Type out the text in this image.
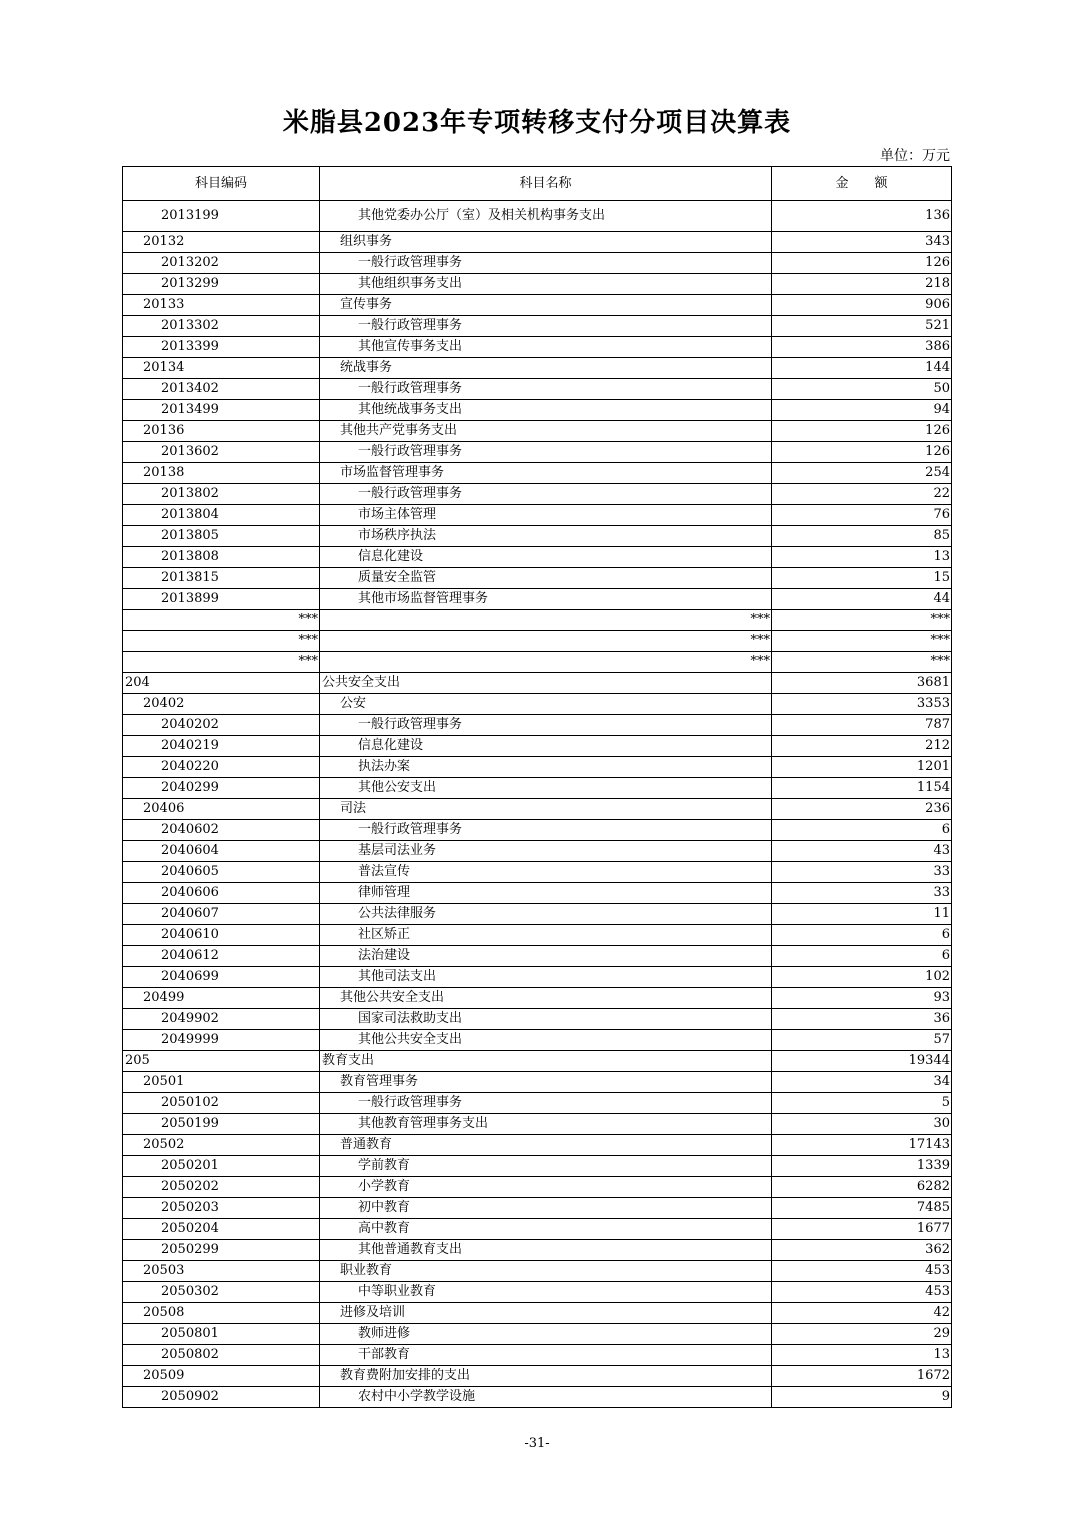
米脂县2023年专项转移支付分项目决算表
单位：万元
科目编码	科目名称	金　　额
2013199	其他党委办公厅（室）及相关机构事务支出	136
20132	组织事务	343
2013202	一般行政管理事务	126
2013299	其他组织事务支出	218
20133	宣传事务	906
2013302	一般行政管理事务	521
2013399	其他宣传事务支出	386
20134	统战事务	144
2013402	一般行政管理事务	50
2013499	其他统战事务支出	94
20136	其他共产党事务支出	126
2013602	一般行政管理事务	126
20138	市场监督管理事务	254
2013802	一般行政管理事务	22
2013804	市场主体管理	76
2013805	市场秩序执法	85
2013808	信息化建设	13
2013815	质量安全监管	15
2013899	其他市场监督管理事务	44
***	***	***
***	***	***
***	***	***
204	公共安全支出	3681
20402	公安	3353
2040202	一般行政管理事务	787
2040219	信息化建设	212
2040220	执法办案	1201
2040299	其他公安支出	1154
20406	司法	236
2040602	一般行政管理事务	6
2040604	基层司法业务	43
2040605	普法宣传	33
2040606	律师管理	33
2040607	公共法律服务	11
2040610	社区矫正	6
2040612	法治建设	6
2040699	其他司法支出	102
20499	其他公共安全支出	93
2049902	国家司法救助支出	36
2049999	其他公共安全支出	57
205	教育支出	19344
20501	教育管理事务	34
2050102	一般行政管理事务	5
2050199	其他教育管理事务支出	30
20502	普通教育	17143
2050201	学前教育	1339
2050202	小学教育	6282
2050203	初中教育	7485
2050204	高中教育	1677
2050299	其他普通教育支出	362
20503	职业教育	453
2050302	中等职业教育	453
20508	进修及培训	42
2050801	教师进修	29
2050802	干部教育	13
20509	教育费附加安排的支出	1672
2050902	农村中小学教学设施	9
-31-
